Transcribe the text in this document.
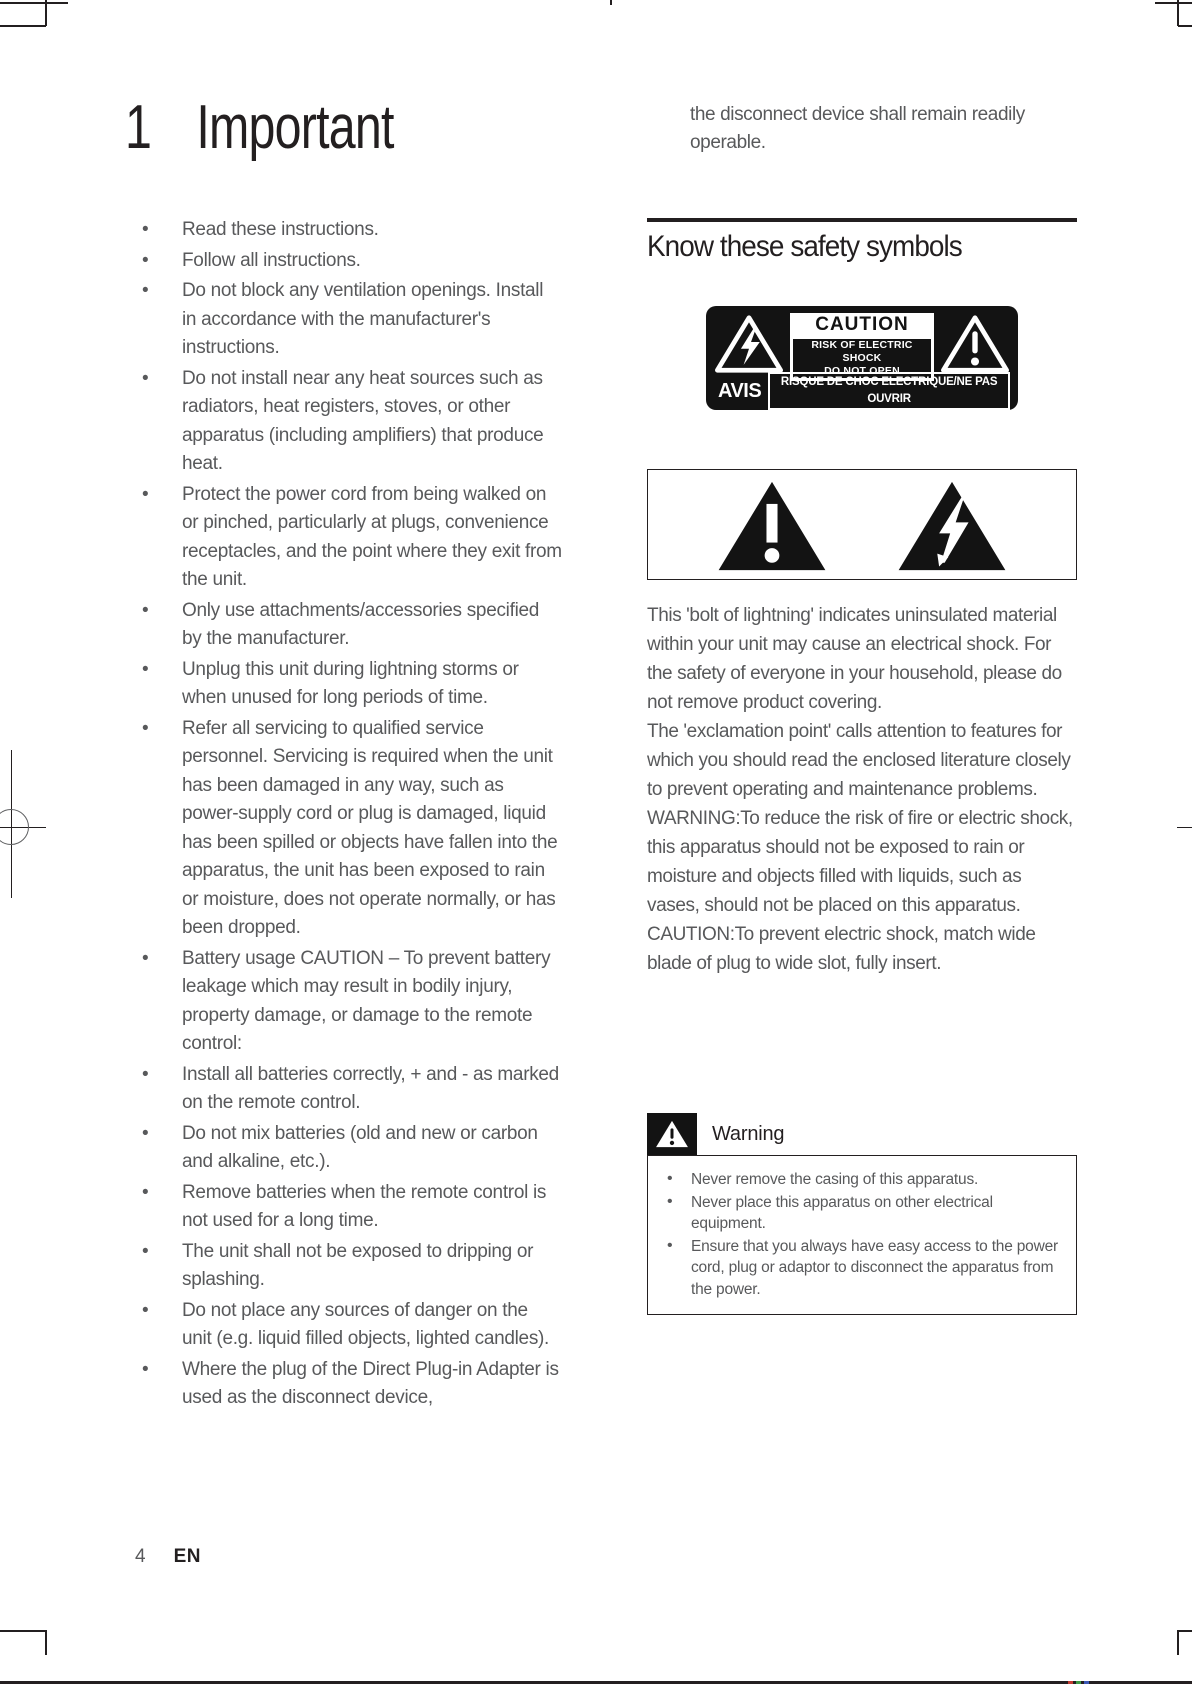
1 Important
• Read these instructions.
• Follow all instructions.
• Do not block any ventilation openings. Install in accordance with the manufacturer's instructions.
• Do not install near any heat sources such as radiators, heat registers, stoves, or other apparatus (including amplifiers) that produce heat.
• Protect the power cord from being walked on or pinched, particularly at plugs, convenience receptacles, and the point where they exit from the unit.
• Only use attachments/accessories specified by the manufacturer.
• Unplug this unit during lightning storms or when unused for long periods of time.
• Refer all servicing to qualified service personnel. Servicing is required when the unit has been damaged in any way, such as power-supply cord or plug is damaged, liquid has been spilled or objects have fallen into the apparatus, the unit has been exposed to rain or moisture, does not operate normally, or has been dropped.
• Battery usage CAUTION – To prevent battery leakage which may result in bodily injury, property damage, or damage to the remote control:
• Install all batteries correctly, + and - as marked on the remote control.
• Do not mix batteries (old and new or carbon and alkaline, etc.).
• Remove batteries when the remote control is not used for a long time.
• The unit shall not be exposed to dripping or splashing.
• Do not place any sources of danger on the unit (e.g. liquid filled objects, lighted candles).
• Where the plug of the Direct Plug-in Adapter is used as the disconnect device,
the disconnect device shall remain readily operable.
Know these safety symbols
CAUTION
RISK OF ELECTRIC SHOCK
DO NOT OPEN
AVIS	RISQUE DE CHOC ELECTRIQUE/NE PAS OUVRIR
This 'bolt of lightning' indicates uninsulated material within your unit may cause an electrical shock. For the safety of everyone in your household, please do not remove product covering.
The 'exclamation point' calls attention to features for which you should read the enclosed literature closely to prevent operating and maintenance problems.
WARNING:To reduce the risk of fire or electric shock, this apparatus should not be exposed to rain or moisture and objects filled with liquids, such as vases, should not be placed on this apparatus.
CAUTION:To prevent electric shock, match wide blade of plug to wide slot, fully insert.
Warning
• Never remove the casing of this apparatus.
• Never place this apparatus on other electrical equipment.
• Ensure that you always have easy access to the power cord, plug or adaptor to disconnect the apparatus from the power.
4 EN
